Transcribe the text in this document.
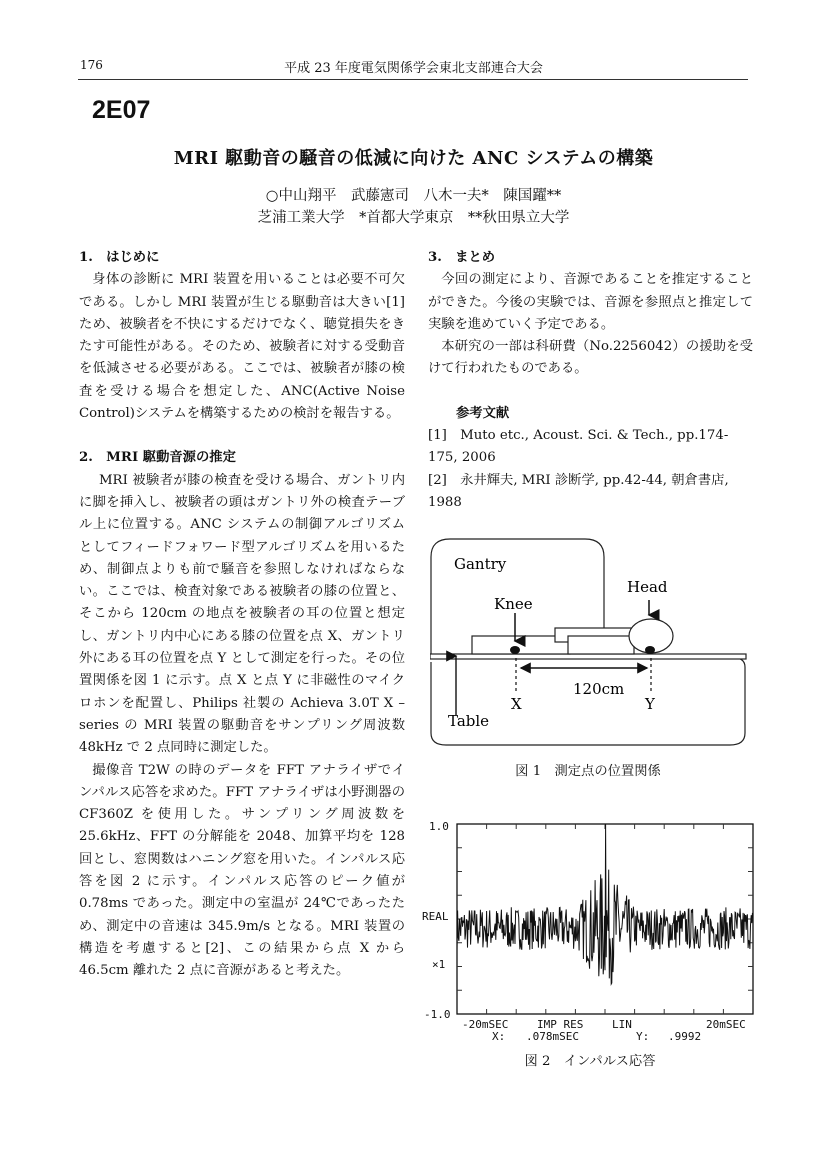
176	平成 23 年度電気関係学会東北支部連合大会
2E07
MRI 駆動音の騒音の低減に向けた ANC システムの構築
○中山翔平　武藤憲司　八木一夫*　陳国躍**
芝浦工業大学　*首都大学東京　**秋田県立大学

1.　はじめに

身体の診断に MRI 装置を用いることは必要不可欠である。しかし MRI 装置が生じる駆動音は大きい[1]ため、被験者を不快にするだけでなく、聴覚損失をきたす可能性がある。そのため、被験者に対する受動音を低減させる必要がある。ここでは、被験者が膝の検査を受ける場合を想定した、ANC(Active Noise Control)システムを構築するための検討を報告する。

2.　MRI 駆動音源の推定

MRI 被験者が膝の検査を受ける場合、ガントリ内に脚を挿入し、被験者の頭はガントリ外の検査テーブル上に位置する。ANC システムの制御アルゴリズムとしてフィードフォワード型アルゴリズムを用いるため、制御点よりも前で騒音を参照しなければならない。ここでは、検査対象である被験者の膝の位置と、そこから 120cm の地点を被験者の耳の位置と想定し、ガントリ内中心にある膝の位置を点 X、ガントリ外にある耳の位置を点 Y として測定を行った。その位置関係を図 1 に示す。点 X と点 Y に非磁性のマイクロホンを配置し、Philips 社製の Achieva 3.0T X –series の MRI 装置の駆動音をサンプリング周波数 48kHz で 2 点同時に測定した。

撮像音 T2W の時のデータを FFT アナライザでインパルス応答を求めた。FFT アナライザは小野測器の CF360Z を使用した。サンプリング周波数を 25.6kHz、FFT の分解能を 2048、加算平均を 128 回とし、窓関数はハニング窓を用いた。インパルス応答を図 2 に示す。インパルス応答のピーク値が 0.78ms であった。測定中の室温が 24℃であったため、測定中の音速は 345.9m/s となる。MRI 装置の構造を考慮すると[2]、この結果から点 X から 46.5cm 離れた 2 点に音源があると考えた。

3.　まとめ

今回の測定により、音源であることを推定することができた。今後の実験では、音源を参照点と推定して実験を進めていく予定である。

本研究の一部は科研費（No.2256042）の援助を受けて行われたものである。

参考文献

[1]　Muto etc., Acoust. Sci. & Tech., pp.174-175, 2006

[2]　永井輝夫, MRI 診断学, pp.42-44, 朝倉書店, 1988

Gantry
Knee
Head
120cm
X	Y
Table
図 1　測定点の位置関係
1.0
REAL
×1
-1.0
-20mSEC	IMP RES	LIN	20mSEC
X: .078mSEC	Y: .9992
図 2　インパルス応答
